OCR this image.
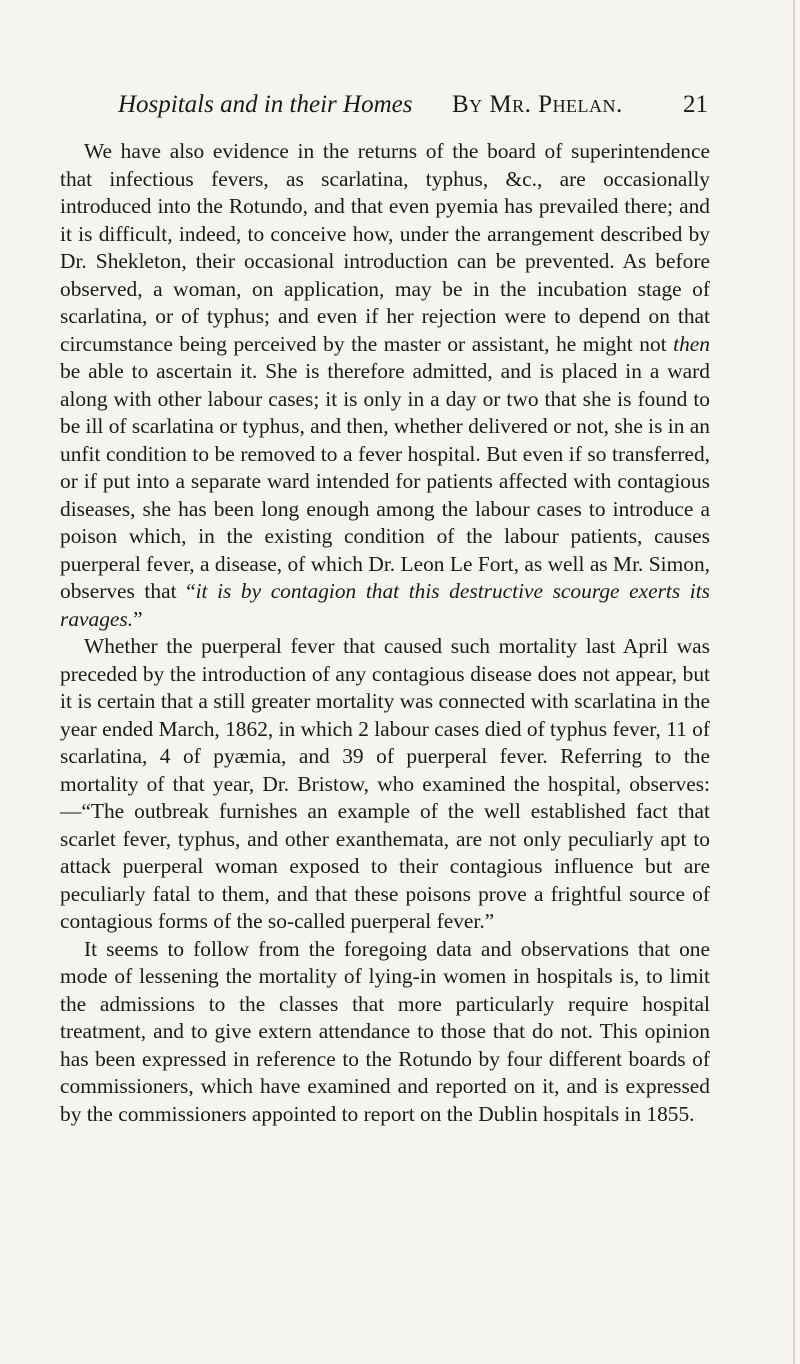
Hospitals and in their Homes By Mr. Phelan. 21

We have also evidence in the returns of the board of superintendence that infectious fevers, as scarlatina, typhus, &c., are occasionally introduced into the Rotundo, and that even pyemia has prevailed there; and it is difficult, indeed, to conceive how, under the arrangement described by Dr. Shekleton, their occasional introduction can be prevented. As before observed, a woman, on application, may be in the incubation stage of scarlatina, or of typhus; and even if her rejection were to depend on that circumstance being perceived by the master or assistant, he might not then be able to ascertain it. She is therefore admitted, and is placed in a ward along with other labour cases; it is only in a day or two that she is found to be ill of scarlatina or typhus, and then, whether delivered or not, she is in an unfit condition to be removed to a fever hospital. But even if so transferred, or if put into a separate ward intended for patients affected with contagious diseases, she has been long enough among the labour cases to introduce a poison which, in the existing condition of the labour patients, causes puerperal fever, a disease, of which Dr. Leon Le Fort, as well as Mr. Simon, observes that “it is by contagion that this destructive scourge exerts its ravages.”

Whether the puerperal fever that caused such mortality last April was preceded by the introduction of any contagious disease does not appear, but it is certain that a still greater mortality was connected with scarlatina in the year ended March, 1862, in which 2 labour cases died of typhus fever, 11 of scarlatina, 4 of pyæmia, and 39 of puerperal fever. Referring to the mortality of that year, Dr. Bristow, who examined the hospital, observes:—“The outbreak furnishes an example of the well established fact that scarlet fever, typhus, and other exanthemata, are not only peculiarly apt to attack puerperal woman exposed to their contagious influence but are peculiarly fatal to them, and that these poisons prove a frightful source of contagious forms of the so-called puerperal fever.”

It seems to follow from the foregoing data and observations that one mode of lessening the mortality of lying-in women in hospitals is, to limit the admissions to the classes that more particularly require hospital treatment, and to give extern attendance to those that do not. This opinion has been expressed in reference to the Rotundo by four different boards of commissioners, which have examined and reported on it, and is expressed by the commissioners appointed to report on the Dublin hospitals in 1855.
